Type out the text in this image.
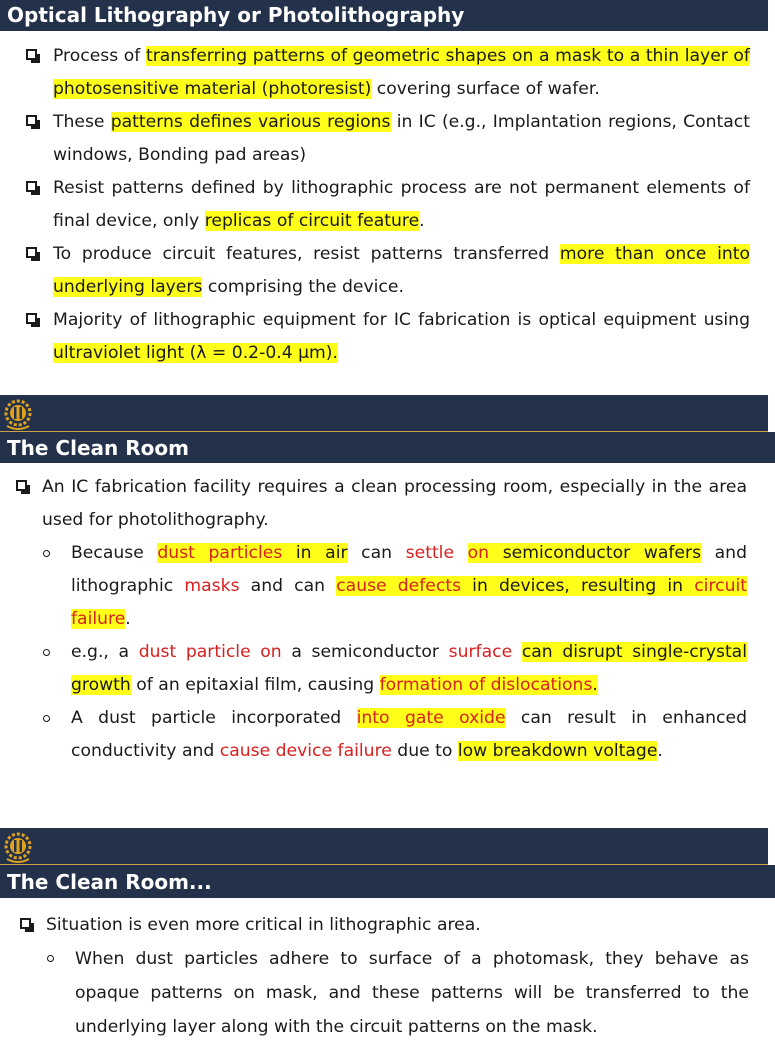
Optical Lithography or Photolithography
Process of transferring patterns of geometric shapes on a mask to a thin layer of photosensitive material (photoresist) covering surface of wafer.
These patterns defines various regions in IC (e.g., Implantation regions, Contact windows, Bonding pad areas)
Resist patterns defined by lithographic process are not permanent elements of final device, only replicas of circuit feature.
To produce circuit features, resist patterns transferred more than once into underlying layers comprising the device.
Majority of lithographic equipment for IC fabrication is optical equipment using ultraviolet light (λ = 0.2-0.4 μm).
The Clean Room
An IC fabrication facility requires a clean processing room, especially in the area used for photolithography.
Because dust particles in air can settle on semiconductor wafers and lithographic masks and can cause defects in devices, resulting in circuit failure.
e.g., a dust particle on a semiconductor surface can disrupt single-crystal growth of an epitaxial film, causing formation of dislocations.
A dust particle incorporated into gate oxide can result in enhanced conductivity and cause device failure due to low breakdown voltage.
The Clean Room...
Situation is even more critical in lithographic area.
When dust particles adhere to surface of a photomask, they behave as opaque patterns on mask, and these patterns will be transferred to the underlying layer along with the circuit patterns on the mask.
